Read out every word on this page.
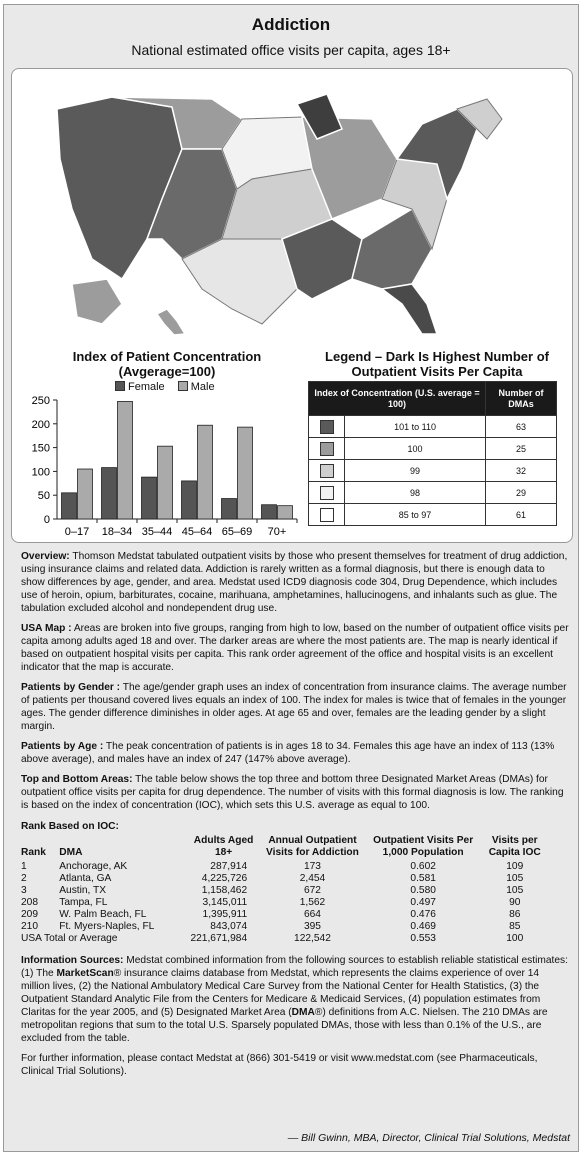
Addiction
National estimated office visits per capita, ages 18+
Index of Patient Concentration (Avgerage=100)
Female Male
0
50
100
150
200
250
0–17 18–34 35–44 45–64 65–69 70+
Legend – Dark Is Highest Number of Outpatient Visits Per Capita
Index of Concentration (U.S. average = 100)		Number of DMAs
	101 to 110	63
	100	25
	99	32
	98	29
	85 to 97	61

Overview: Thomson Medstat tabulated outpatient visits by those who present themselves for treatment of drug addiction, using insurance claims and related data. Addiction is rarely written as a formal diagnosis, but there is enough data to show differences by age, gender, and area. Medstat used ICD9 diagnosis code 304, Drug Dependence, which includes use of heroin, opium, barbiturates, cocaine, marihuana, amphetamines, hallucinogens, and inhalants such as glue. The tabulation excluded alcohol and nondependent drug use.

USA Map : Areas are broken into five groups, ranging from high to low, based on the number of outpatient office visits per capita among adults aged 18 and over. The darker areas are where the most patients are. The map is nearly identical if based on outpatient hospital visits per capita. This rank order agreement of the office and hospital visits is an excellent indicator that the map is accurate.

Patients by Gender : The age/gender graph uses an index of concentration from insurance claims. The average number of patients per thousand covered lives equals an index of 100. The index for males is twice that of females in the younger ages. The gender difference diminishes in older ages. At age 65 and over, females are the leading gender by a slight margin.

Patients by Age : The peak concentration of patients is in ages 18 to 34. Females this age have an index of 113 (13% above average), and males have an index of 247 (147% above average).

Top and Bottom Areas: The table below shows the top three and bottom three Designated Market Areas (DMAs) for outpatient office visits per capita for drug dependence. The number of visits with this formal diagnosis is low. The ranking is based on the index of concentration (IOC), which sets this U.S. average as equal to 100.

Rank Based on IOC:
Rank	DMA	Adults Aged 18+	Annual Outpatient Visits for Addiction	Outpatient Visits Per 1,000 Population	Visits per Capita IOC
1	Anchorage, AK	287,914	173	0.602	109
2	Atlanta, GA	4,225,726	2,454	0.581	105
3	Austin, TX	1,158,462	672	0.580	105
208	Tampa, FL	3,145,011	1,562	0.497	90
209	W. Palm Beach, FL	1,395,911	664	0.476	86
210	Ft. Myers-Naples, FL	843,074	395	0.469	85
USA Total or Average		221,671,984	122,542	0.553	100

Information Sources: Medstat combined information from the following sources to establish reliable statistical estimates: (1) The MarketScan® insurance claims database from Medstat, which represents the claims experience of over 14 million lives, (2) the National Ambulatory Medical Care Survey from the National Center for Health Statistics, (3) the Outpatient Standard Analytic File from the Centers for Medicare & Medicaid Services, (4) population estimates from Claritas for the year 2005, and (5) Designated Market Area (DMA®) definitions from A.C. Nielsen. The 210 DMAs are metropolitan regions that sum to the total U.S. Sparsely populated DMAs, those with less than 0.1% of the U.S., are excluded from the table.

For further information, please contact Medstat at (866) 301-5419 or visit www.medstat.com (see Pharmaceuticals, Clinical Trial Solutions).

— Bill Gwinn, MBA, Director, Clinical Trial Solutions, Medstat
